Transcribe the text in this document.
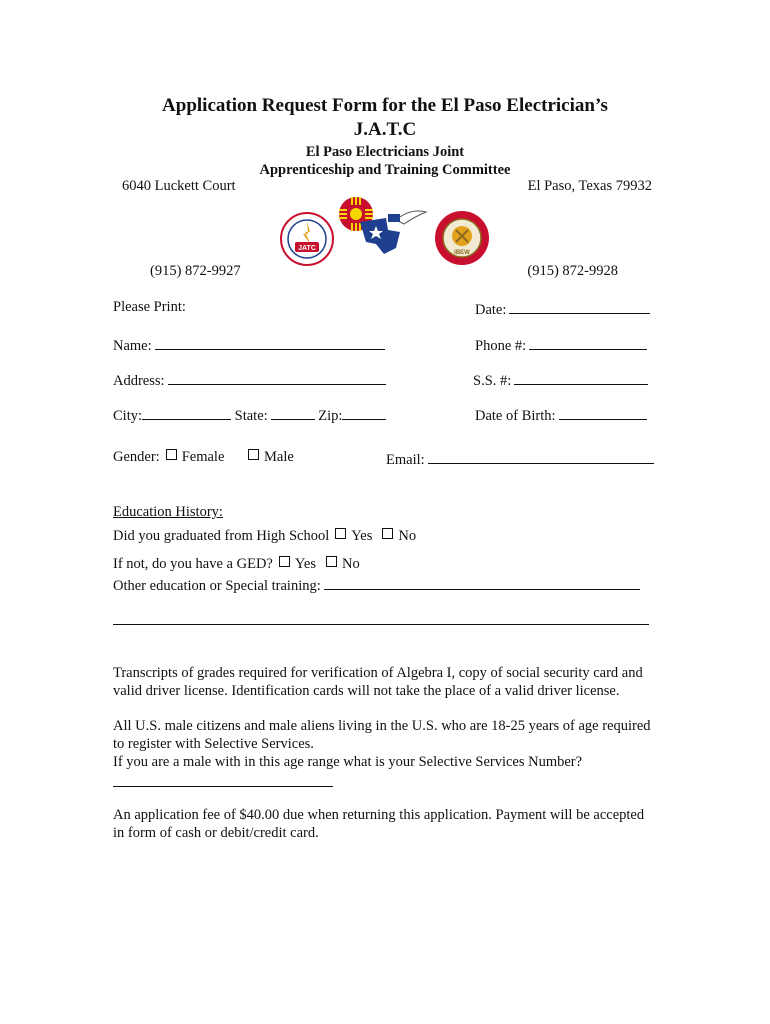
Application Request Form for the El Paso Electrician’s
J.A.T.C
El Paso Electricians Joint
Apprenticeship and Training Committee
6040 Luckett Court	El Paso, Texas 79932
JATC
IBEW
(915) 872-9927	(915) 872-9928
Please Print:	Date:
Name:	Phone #:
Address:	S.S. #:
City:	State:	Zip:	Date of Birth:
Gender: Female	Male	Email:
Education History:
Did you graduated from High School Yes No
If not, do you have a GED? Yes No
Other education or Special training:
Transcripts of grades required for verification of Algebra I, copy of social security card and valid driver license. Identification cards will not take the place of a valid driver license.
All U.S. male citizens and male aliens living in the U.S. who are 18-25 years of age required to register with Selective Services.
If you are a male with in this age range what is your Selective Services Number?
An application fee of $40.00 due when returning this application. Payment will be accepted in form of cash or debit/credit card.
